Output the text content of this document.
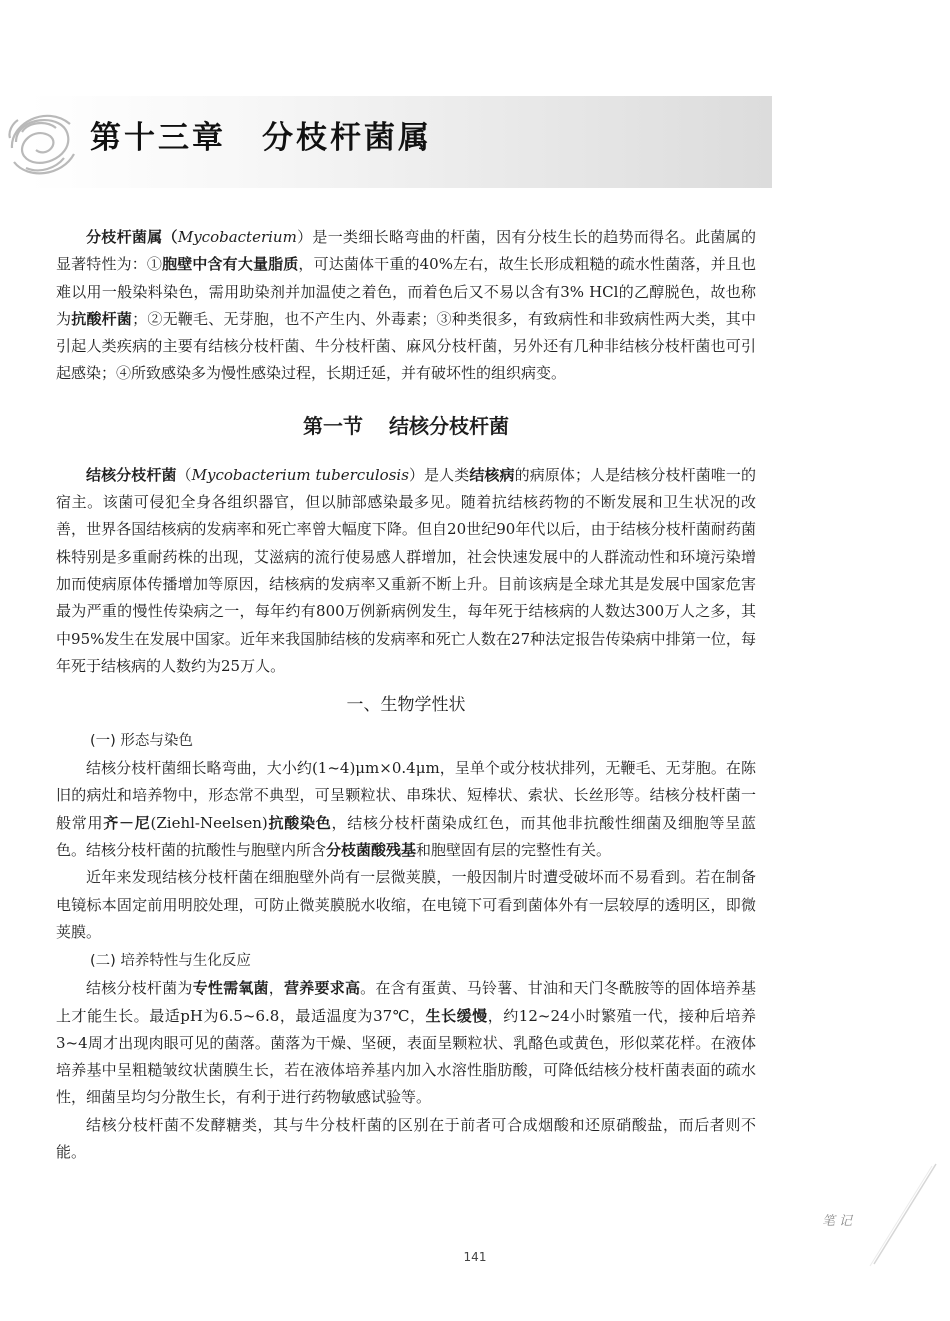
第十三章 分枝杆菌属

分枝杆菌属（Mycobacterium）是一类细长略弯曲的杆菌，因有分枝生长的趋势而得名。此菌属的显著特性为：①胞壁中含有大量脂质，可达菌体干重的40%左右，故生长形成粗糙的疏水性菌落，并且也难以用一般染料染色，需用助染剂并加温使之着色，而着色后又不易以含有3% HCl的乙醇脱色，故也称为抗酸杆菌；②无鞭毛、无芽胞，也不产生内、外毒素；③种类很多，有致病性和非致病性两大类，其中引起人类疾病的主要有结核分枝杆菌、牛分枝杆菌、麻风分枝杆菌，另外还有几种非结核分枝杆菌也可引起感染；④所致感染多为慢性感染过程，长期迁延，并有破坏性的组织病变。

第一节 结核分枝杆菌

结核分枝杆菌（Mycobacterium tuberculosis）是人类结核病的病原体；人是结核分枝杆菌唯一的宿主。该菌可侵犯全身各组织器官，但以肺部感染最多见。随着抗结核药物的不断发展和卫生状况的改善，世界各国结核病的发病率和死亡率曾大幅度下降。但自20世纪90年代以后，由于结核分枝杆菌耐药菌株特别是多重耐药株的出现，艾滋病的流行使易感人群增加，社会快速发展中的人群流动性和环境污染增加而使病原体传播增加等原因，结核病的发病率又重新不断上升。目前该病是全球尤其是发展中国家危害最为严重的慢性传染病之一，每年约有800万例新病例发生，每年死于结核病的人数达300万人之多，其中95%发生在发展中国家。近年来我国肺结核的发病率和死亡人数在27种法定报告传染病中排第一位，每年死于结核病的人数约为25万人。

一、生物学性状
(一) 形态与染色

结核分枝杆菌细长略弯曲，大小约(1~4)μm×0.4μm，呈单个或分枝状排列，无鞭毛、无芽胞。在陈旧的病灶和培养物中，形态常不典型，可呈颗粒状、串珠状、短棒状、索状、长丝形等。结核分枝杆菌一般常用齐－尼(Ziehl-Neelsen)抗酸染色，结核分枝杆菌染成红色，而其他非抗酸性细菌及细胞等呈蓝色。结核分枝杆菌的抗酸性与胞壁内所含分枝菌酸残基和胞壁固有层的完整性有关。

近年来发现结核分枝杆菌在细胞壁外尚有一层微荚膜，一般因制片时遭受破坏而不易看到。若在制备电镜标本固定前用明胶处理，可防止微荚膜脱水收缩，在电镜下可看到菌体外有一层较厚的透明区，即微荚膜。

(二) 培养特性与生化反应

结核分枝杆菌为专性需氧菌，营养要求高。在含有蛋黄、马铃薯、甘油和天门冬酰胺等的固体培养基上才能生长。最适pH为6.5~6.8，最适温度为37℃，生长缓慢，约12~24小时繁殖一代，接种后培养3~4周才出现肉眼可见的菌落。菌落为干燥、坚硬，表面呈颗粒状、乳酪色或黄色，形似菜花样。在液体培养基中呈粗糙皱纹状菌膜生长，若在液体培养基内加入水溶性脂肪酸，可降低结核分枝杆菌表面的疏水性，细菌呈均匀分散生长，有利于进行药物敏感试验等。

结核分枝杆菌不发酵糖类，其与牛分枝杆菌的区别在于前者可合成烟酸和还原硝酸盐，而后者则不能。

笔记
141
